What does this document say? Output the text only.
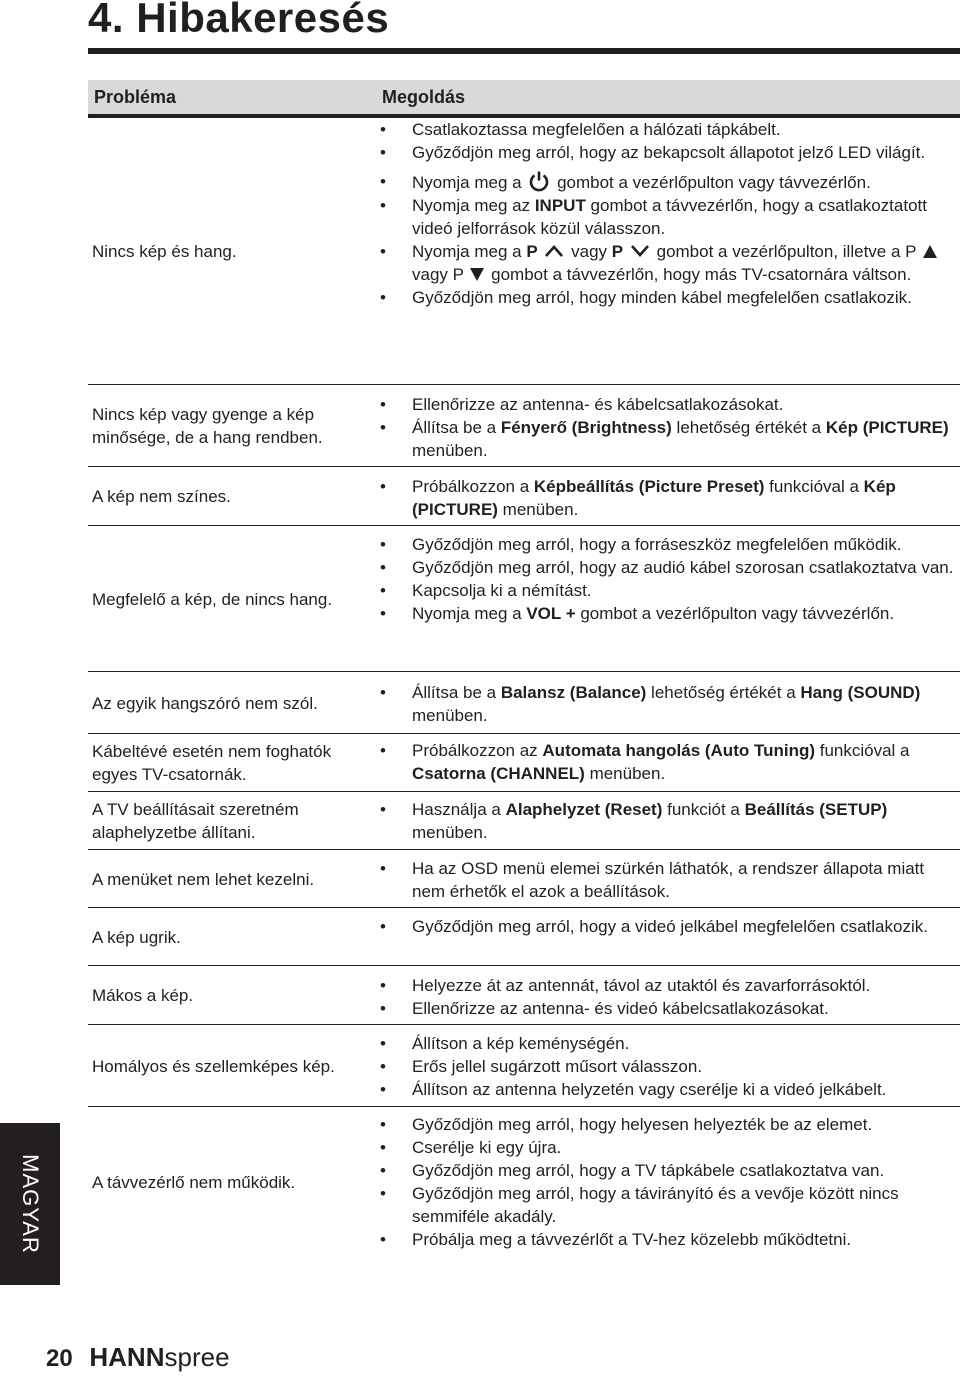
4. Hibakeresés
Probléma	Megoldás
Nincs kép és hang.
• Csatlakoztassa megfelelően a hálózati tápkábelt.
• Győződjön meg arról, hogy az bekapcsolt állapotot jelző LED világít.
• Nyomja meg a  gombot a vezérlőpulton vagy távvezérlőn.
• Nyomja meg az INPUT gombot a távvezérlőn, hogy a csatlakoztatott videó jelforrások közül válasszon.
• Nyomja meg a P vagy P gombot a vezérlőpulton, illetve a P  vagy P gombot a távvezérlőn, hogy más TV-csatornára váltson.
• Győződjön meg arról, hogy minden kábel megfelelően csatlakozik.
Nincs kép vagy gyenge a kép minősége, de a hang rendben.
• Ellenőrizze az antenna- és kábelcsatlakozásokat.
• Állítsa be a Fényerő (Brightness) lehetőség értékét a Kép (PICTURE) menüben.
A kép nem színes.
• Próbálkozzon a Képbeállítás (Picture Preset) funkcióval a Kép (PICTURE) menüben.
Megfelelő a kép, de nincs hang.
• Győződjön meg arról, hogy a forráseszköz megfelelően működik.
• Győződjön meg arról, hogy az audió kábel szorosan csatlakoztatva van.
• Kapcsolja ki a némítást.
• Nyomja meg a VOL + gombot a vezérlőpulton vagy távvezérlőn.
Az egyik hangszóró nem szól.
• Állítsa be a Balansz (Balance) lehetőség értékét a Hang (SOUND) menüben.
Kábeltévé esetén nem foghatók egyes TV-csatornák.
• Próbálkozzon az Automata hangolás (Auto Tuning) funkcióval a Csatorna (CHANNEL) menüben.
A TV beállításait szeretném alaphelyzetbe állítani.
• Használja a Alaphelyzet (Reset) funkciót a Beállítás (SETUP) menüben.
A menüket nem lehet kezelni.
• Ha az OSD menü elemei szürkén láthatók, a rendszer állapota miatt nem érhetők el azok a beállítások.
A kép ugrik.
• Győződjön meg arról, hogy a videó jelkábel megfelelően csatlakozik.
Mákos a kép.
• Helyezze át az antennát, távol az utaktól és zavarforrásoktól.
• Ellenőrizze az antenna- és videó kábelcsatlakozásokat.
Homályos és szellemképes kép.
• Állítson a kép keménységén.
• Erős jellel sugárzott műsort válasszon.
• Állítson az antenna helyzetén vagy cserélje ki a videó jelkábelt.
A távvezérlő nem működik.
• Győződjön meg arról, hogy helyesen helyezték be az elemet.
• Cserélje ki egy újra.
• Győződjön meg arról, hogy a TV tápkábele csatlakoztatva van.
• Győződjön meg arról, hogy a távirányító és a vevője között nincs semmiféle akadály.
• Próbálja meg a távvezérlőt a TV-hez közelebb működtetni.
MAGYAR
20 HANNspree
